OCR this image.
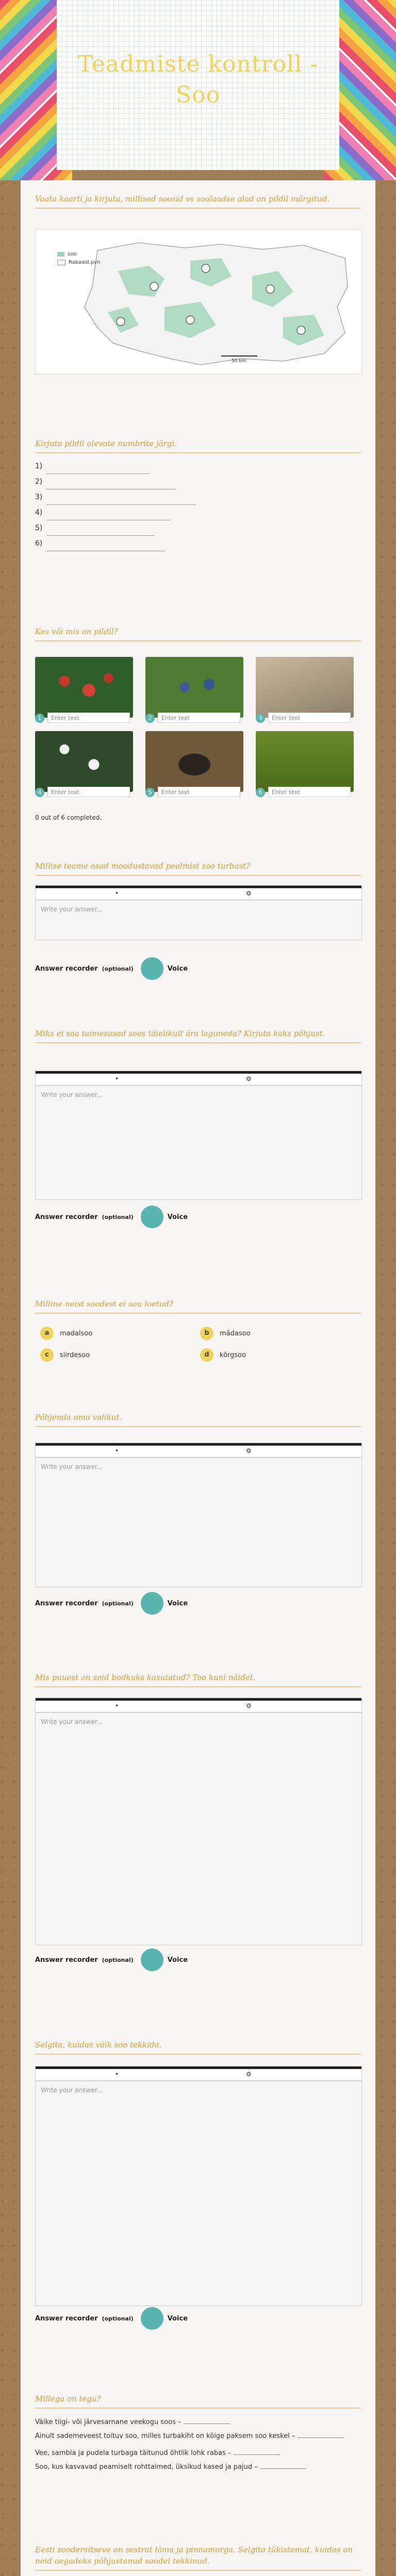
Teadmiste kontroll - Soo
Vaata kaarti ja kirjuta, millised soosid vs soolaadse alad on pildil märgitud.
soo
Rabasid.pvn
50 km
Kirjuta pildil olevate numbrite järgi.
1)
2)
3)
4)
5)
6)
Kes või mis on pildil?
1	Enter text	2	Enter text	3	Enter text
4	Enter text	5	Enter text	6	Enter text
0 out of 6 completed.
Millise teame osad moodustavad pealmist soo turbast?
•	⚙
Write your answer...
Answer recorder (optional)	Voice
Miks ei saa taimesosad soos täielikult ära laguneda? Kirjuta kaks põhjust.
•	⚙
Write your answer...
Answer recorder (optional)	Voice
Milline neist soodest ei sou loetud?
a	madalsoo	b	mädasoo
c	siirdesoo	d	kõrgsoo
Põhjenda oma valikut.
•	⚙
Write your answer...
Answer recorder (optional)	Voice
Mis puuest on soid bodkuks kasutatud? Too kuni näidet.
•	⚙
Write your answer...
Answer recorder (optional)	Voice
Selgita, kuidas väik soo tekkida.
•	⚙
Write your answer...
Answer recorder (optional)	Voice
Millega on tegu?
Väike tiigi- või järvesarnane veekogu soos –
Ainult sademeveest toituv soo, milles turbakiht on kõige paksem soo keskel –
Vee, sambla ja pudela turbaga täitunud õhtlik lohk rabas –
Soo, kus kasvavad peamiselt rohttaimed, üksikud kased ja pajud –
Eesti soodersitseve on sestrat läma ja pinnamorga. Selgita tükistemat, kuidas on neid aegadeks põhjustanud soodel tekkinud.
